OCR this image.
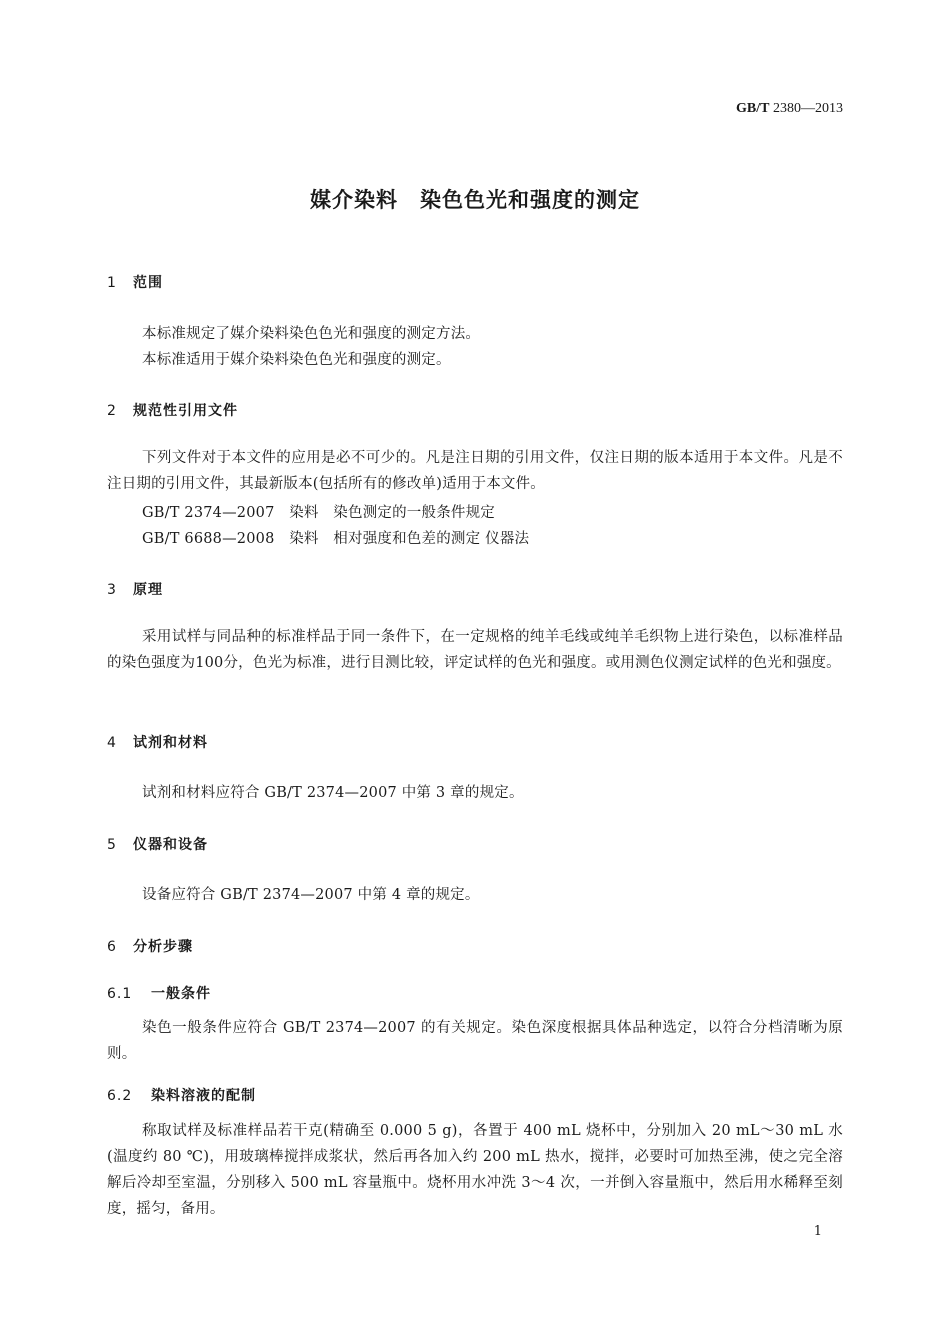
GB/T 2380—2013
媒介染料　染色色光和强度的测定
1 范围
本标准规定了媒介染料染色色光和强度的测定方法。
本标准适用于媒介染料染色色光和强度的测定。
2 规范性引用文件
下列文件对于本文件的应用是必不可少的。凡是注日期的引用文件，仅注日期的版本适用于本文件。凡是不注日期的引用文件，其最新版本(包括所有的修改单)适用于本文件。
GB/T 2374—2007　染料　染色测定的一般条件规定
GB/T 6688—2008　染料　相对强度和色差的测定 仪器法
3 原理
采用试样与同品种的标准样品于同一条件下，在一定规格的纯羊毛线或纯羊毛织物上进行染色，以标准样品的染色强度为100分，色光为标准，进行目测比较，评定试样的色光和强度。或用测色仪测定试样的色光和强度。
4 试剂和材料
试剂和材料应符合 GB/T 2374—2007 中第 3 章的规定。
5 仪器和设备
设备应符合 GB/T 2374—2007 中第 4 章的规定。
6 分析步骤
6.1 一般条件
染色一般条件应符合 GB/T 2374—2007 的有关规定。染色深度根据具体品种选定，以符合分档清晰为原则。
6.2 染料溶液的配制
称取试样及标准样品若干克(精确至 0.000 5 g)，各置于 400 mL 烧杯中，分别加入 20 mL～30 mL 水(温度约 80 ℃)，用玻璃棒搅拌成浆状，然后再各加入约 200 mL 热水，搅拌，必要时可加热至沸，使之完全溶解后冷却至室温，分别移入 500 mL 容量瓶中。烧杯用水冲洗 3～4 次，一并倒入容量瓶中，然后用水稀释至刻度，摇匀，备用。
1
